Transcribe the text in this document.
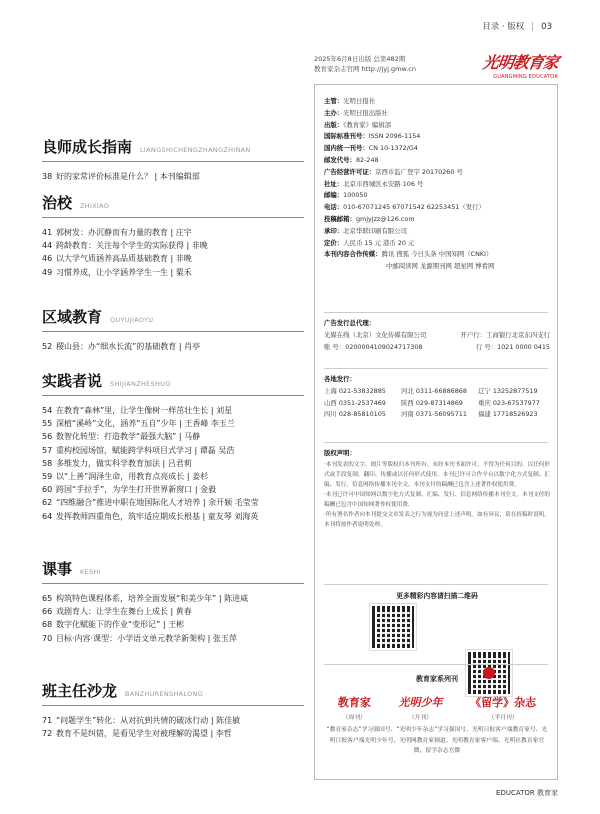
目录 · 版权 | 03
良师成长指南 LIANGSHICHENGZHANGZHINAN
38 好的家常评价标准是什么？ | 本刊编辑部
治校 ZHIXIAO
41 郭树发：办沉静而有力量的教育 | 庄宇
44 跨龄教育：关注每个学生的实际获得 | 非晚
46 以大学气质涵养高品质基础教育 | 非晚
49 习惯养成，让小学涵养学生一生 | 粟禾
区域教育 QUYUJIAOYU
52 稷山县：办“细水长流”的基础教育 | 肖亭
实践者说 SHIJIANZHESHUO
54 在教育“森林”里，让学生像树一样茁壮生长 | 刘星
55 深植“溪岭”文化，涵养“五自”少年 | 王香峰 李玉兰
56 数智化转型：打造教学“最强大脑” | 马静
57 重构校园场馆，赋能跨学科项目式学习 | 谭磊 吴浩
58 多维发力，做实科学教育加法 | 吕君莉
59 以“上善”润泽生命，用教育点亮成长 | 姜杉
60 跨国“手拉手”，为学生打开世界新窗口 | 金毅
62 “四维融合”推进中职在地国际化人才培养 | 余开颖 毛莹莹
64 发挥教师四重角色，筑牢适应期成长根基 | 童友琴 刘海英
课事 KESHI
65 构筑特色课程体系，培养全面发展“和美少年” | 陈进威
66 戏剧育人：让学生在舞台上成长 | 黄春
68 数字化赋能下的作业“变形记” | 王彬
70 目标·内容·课型：小学语文单元教学新架构 | 张玉萍
班主任沙龙 BANZHURENSHALONG
71 “问题学生”转化：从对抗到共情的破冰行动 | 陈佳敏
72 教育不是纠错，是看见学生对被理解的渴望 | 李哲
2025年6月8日出版 总第482期
教育家杂志官网 http://jyj.gmw.cn	光明教育家
GUANGMING EDUCATOR
主管：光明日报社
主办：光明日报出版社
出版：《教育家》编辑部
国际标准刊号：ISSN 2096-1154
国内统一刊号：CN 10-1372/G4
邮发代号：82-248
广告经营许可证：京西市监广登字 20170260 号
社址：北京市西城区永安路 106 号
邮编：100050
电话：010-67071245 67071542 62253451（发行）
投稿邮箱：gmjyjzz@126.com
承印：北京华联印刷有限公司
定价：人民币 15 元 港币 20 元
本刊内容合作传媒：腾讯 搜狐 今日头条 中国知网（CNKI）
中邮阅读网 龙源期刊网 超星网 博看网
广告发行总代理：
光媒在线（北京）文化传媒有限公司	开户行：工商银行北京东四支行
账 号：0200004109024717308	行 号：1021 0000 0415
各地发行：
上海 021-53832885	河北 0311-66886868	辽宁 13252877519
山西 0351-2537469	陕西 029-87314869	重庆 023-67537977
四川 028-85810105	河南 0371-56095711	福建 17718526923
版权声明：
·本刊发表的文字、图片等版权归本刊所有。未经本刊书面许可，不得为任何目的、以任何形式或手段复制、翻印、传播或以任何形式使用。本刊已许可合作平台以数字化方式复制、汇编、发行、信息网络传播本刊全文。本刊支付的稿酬已包含上述著作权使用费。
·本刊已许可中国知网以数字化方式复制、汇编、发行、信息网络传播本刊全文。本刊支付的稿酬已包含中国知网著作权使用费。
·所有署名作者向本刊提交文章发表之行为视为同意上述声明。如有异议，请在投稿时说明，本刊将按作者说明处理。
更多精彩内容请扫描二维码
教育家系列刊
教育家
（周刊）
光明少年
（月刊）
《留学》杂志
（半月刊）
“教育家杂志”学习强国号、“光明少年杂志”学习强国号、光明日报客户端教育家号、光明日报客户端光明少年号、光明网教育家频道、光明教育家客户端、光明社教育家官微、留学杂志官微
EDUCATOR 教育家
